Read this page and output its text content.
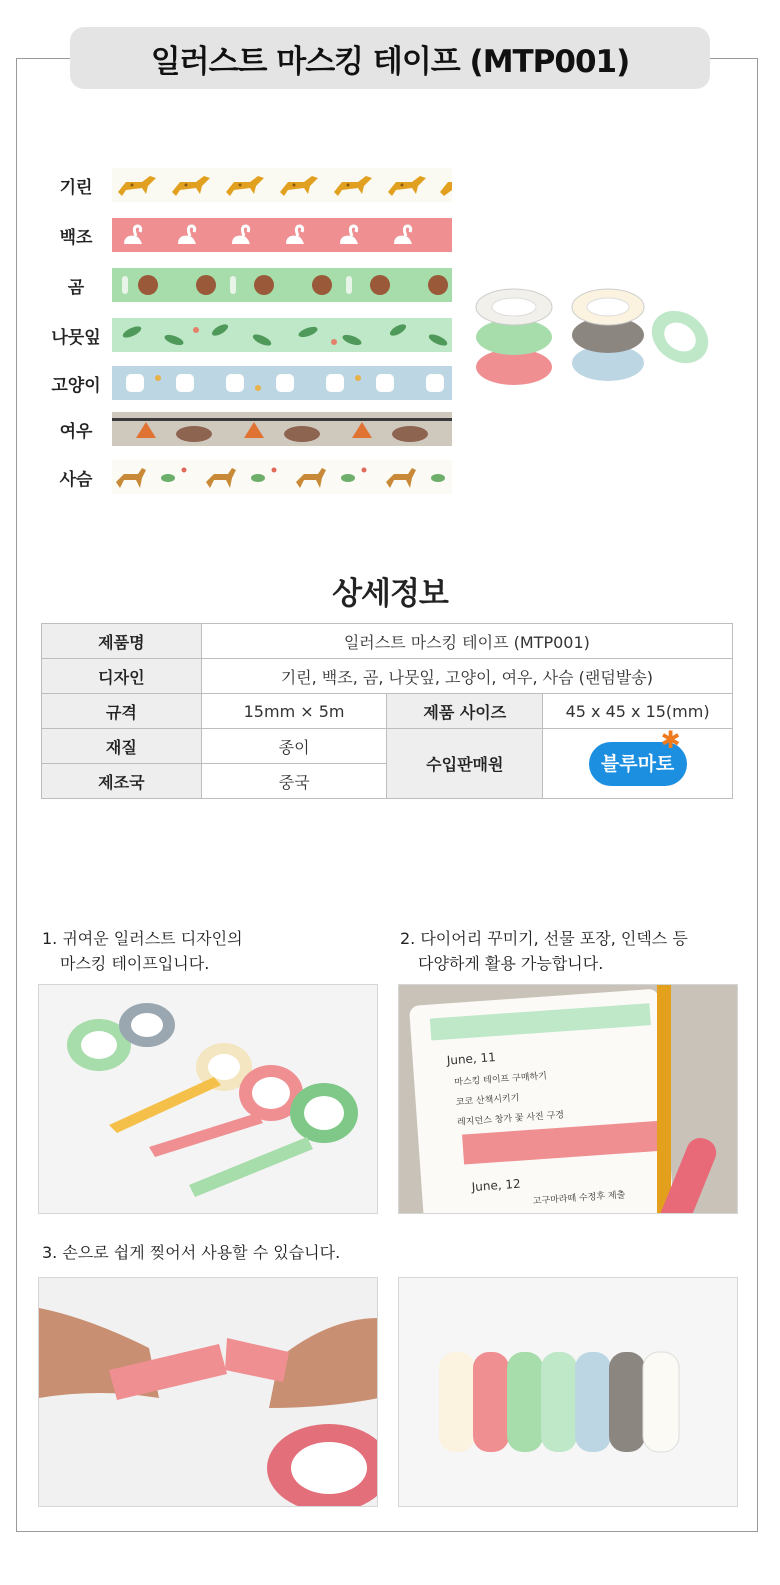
일러스트 마스킹 테이프 (MTP001)
기린
백조
곰
나뭇잎
고양이
여우
사슴
상세정보
제품명	일러스트 마스킹 테이프 (MTP001)		
디자인	기린, 백조, 곰, 나뭇잎, 고양이, 여우, 사슴 (랜덤발송)		
규격	15mm × 5m	제품 사이즈	45 x 45 x 15(mm)
재질	종이	수입판매원	블루마토
✱

제조국	중국		
1. 귀여운 일러스트 디자인의
마스킹 테이프입니다.
2. 다이어리 꾸미기, 선물 포장, 인덱스 등
다양하게 활용 가능합니다.
3. 손으로 쉽게 찢어서 사용할 수 있습니다.
June, 11
마스킹 테이프 구매하기
코코 산책시키기
레지던스 창가 꽃 사진 구경
June, 12
고구마라떼 수정후 제출
